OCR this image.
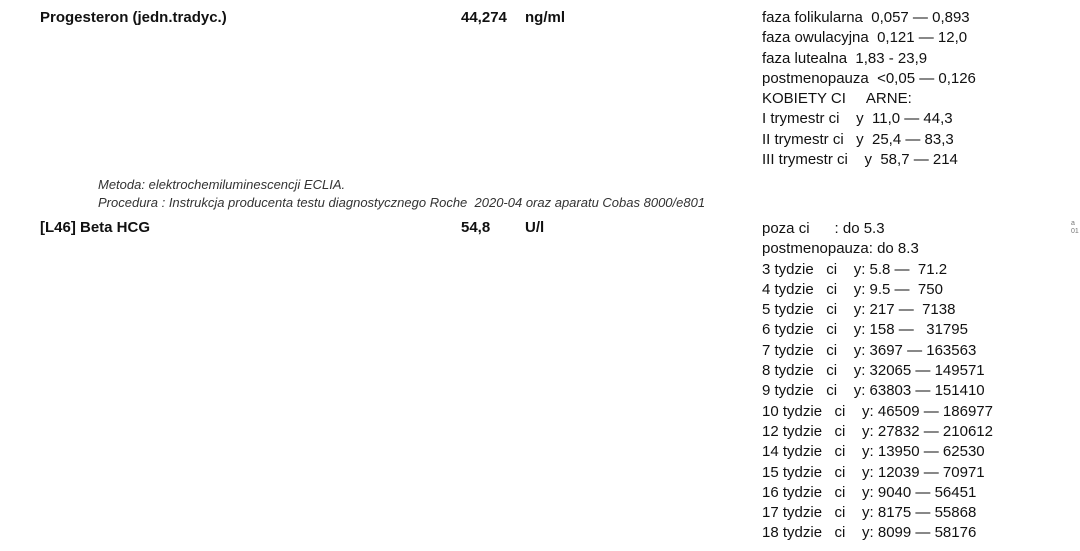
Progesteron (jedn.tradyc.)	44,274 ng/ml	faza folikularna  0,057 — 0,893
faza owulacyjna  0,121 — 12,0
faza lutealna  1,83 - 23,9
postmenopauza  <0,05 — 0,126
KOBIETY CI     ARNE:
I trymestr ci    y  11,0 — 44,3
II trymestr ci   y  25,4 — 83,3
III trymestr ci    y  58,7 — 214
Metoda: elektrochemiluminescencji ECLIA.
Procedura : Instrukcja producenta testu diagnostycznego Roche  2020-04 oraz aparatu Cobas 8000/e801
[L46] Beta HCG	54,8 U/l	poza ci      : do 5.3
postmenopauza: do 8.3
3 tydzie   ci    y: 5.8 —  71.2
4 tydzie   ci    y: 9.5 —  750
5 tydzie   ci    y: 217 —  7138
6 tydzie   ci    y: 158 —   31795
7 tydzie   ci    y: 3697 — 163563
8 tydzie   ci    y: 32065 — 149571
9 tydzie   ci    y: 63803 — 151410
10 tydzie   ci    y: 46509 — 186977
12 tydzie   ci    y: 27832 — 210612
14 tydzie   ci    y: 13950 — 62530
15 tydzie   ci    y: 12039 — 70971
16 tydzie   ci    y: 9040 — 56451
17 tydzie   ci    y: 8175 — 55868
18 tydzie   ci    y: 8099 — 58176
a
01
